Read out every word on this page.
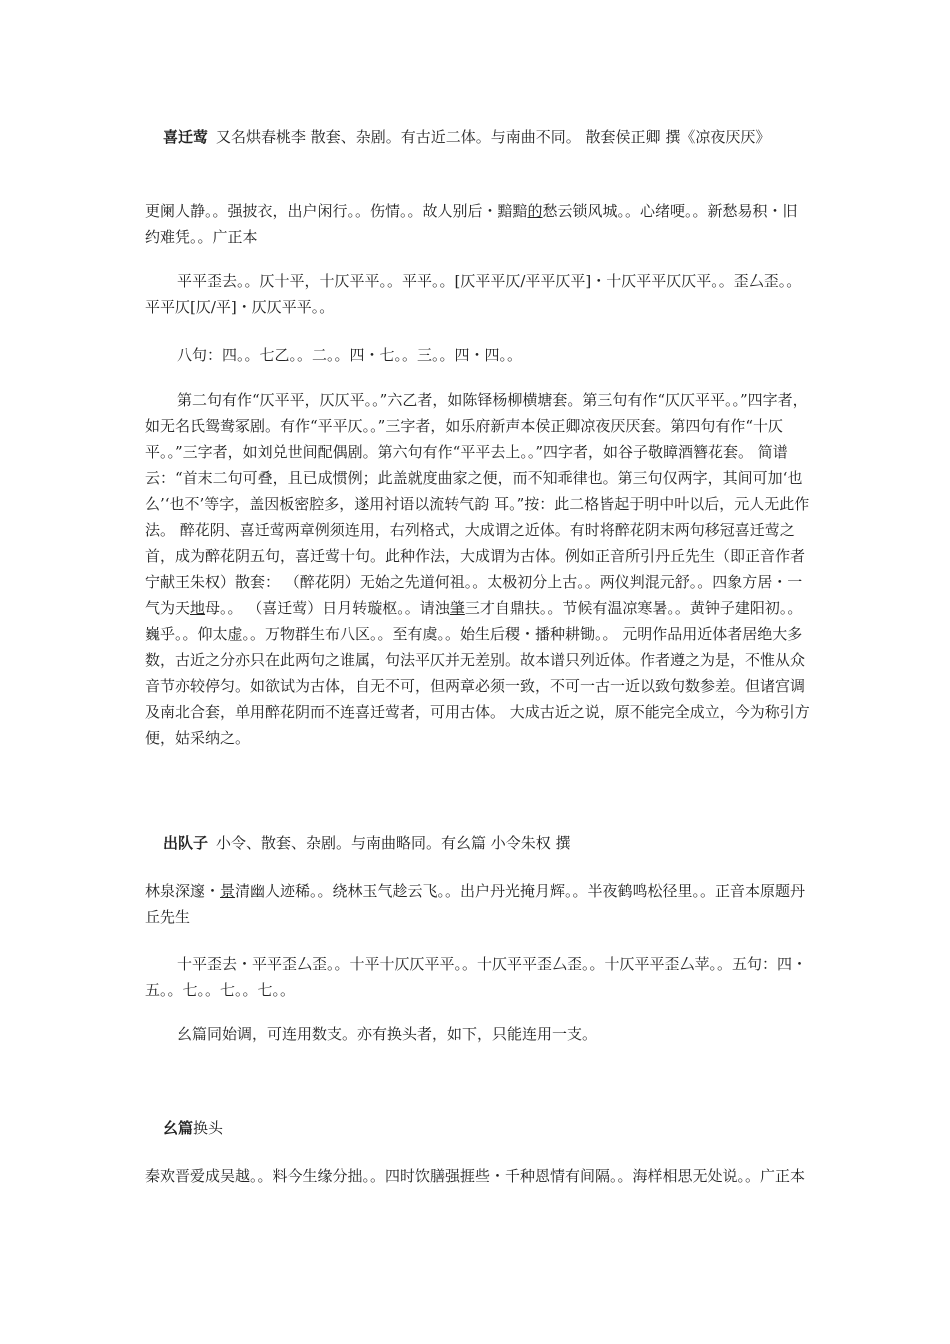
喜迁莺 又名烘春桃李 散套、杂剧。有古近二体。与南曲不同。 散套侯正卿 撰《凉夜厌厌》

更阑人静。。强披衣，出户闲行。。伤情。。故人别后・黯黯的愁云锁风城。。心绪哽。。新愁易积・旧约难凭。。广正本

平平歪去。。仄十平，十仄平平。。平平。。[仄平平仄/平平仄平]・十仄平平仄仄平。。歪厶歪。。平平仄[仄/平]・仄仄平平。。

八句：四。。七乙。。二。。四・七。。三。。四・四。。

第二句有作“仄平平，仄仄平。。”六乙者，如陈铎杨柳横塘套。第三句有作“仄仄平平。。”四字者，如无名氏鸳鸯冢剧。有作“平平仄。。”三字者，如乐府新声本侯正卿凉夜厌厌套。第四句有作“十仄平。。”三字者，如刘兑世间配偶剧。第六句有作“平平去上。。”四字者，如谷子敬瞕酒簪花套。 简谱云：“首末二句可叠，且已成惯例；此盖就度曲家之便，而不知乖律也。第三句仅两字，其间可加‘也么’‘也不’等字，盖因板密腔多，遂用衬语以流转气韵 耳。”按：此二格皆起于明中叶以后，元人无此作法。 醉花阴、喜迁莺两章例须连用，右列格式，大成谓之近体。有时将醉花阴末两句移冠喜迁莺之首，成为醉花阴五句，喜迁莺十句。此种作法，大成谓为古体。例如正音所引丹丘先生（即正音作者宁献王朱权）散套： （醉花阴）无始之先道何祖。。太极初分上古。。两仪判混元舒。。四象方居・一气为天地母。。 （喜迁莺）日月转璇枢。。请浊肇三才自鼎扶。。节候有温凉寒暑。。黄钟子建阳初。。巍乎。。仰太虚。。万物群生布八区。。至有虞。。始生后稷・播种耕锄。。 元明作品用近体者居绝大多数，古近之分亦只在此两句之谁属，句法平仄并无差别。故本谱只列近体。作者遵之为是，不惟从众音节亦较停匀。如欲试为古体，自无不可，但两章必须一致，不可一古一近以致句数参差。但诸宫调及南北合套，单用醉花阴而不连喜迁莺者，可用古体。 大成古近之说，原不能完全成立，今为称引方便，姑采纳之。

出队子 小令、散套、杂剧。与南曲略同。有幺篇 小令朱权 撰

林泉深邃・景清幽人迹稀。。绕林玉气趁云飞。。出户丹光掩月辉。。半夜鹤鸣松径里。。正音本原题丹丘先生

十平歪去・平平歪厶歪。。十平十仄仄平平。。十仄平平歪厶歪。。十仄平平歪厶苹。。五句：四・五。。七。。七。。七。。

幺篇同始调，可连用数支。亦有换头者，如下，只能连用一支。

幺篇换头

秦欢晋爱成吴越。。料今生缘分拙。。四时饮膳强捱些・千种恩情有间隔。。海样相思无处说。。广正本
